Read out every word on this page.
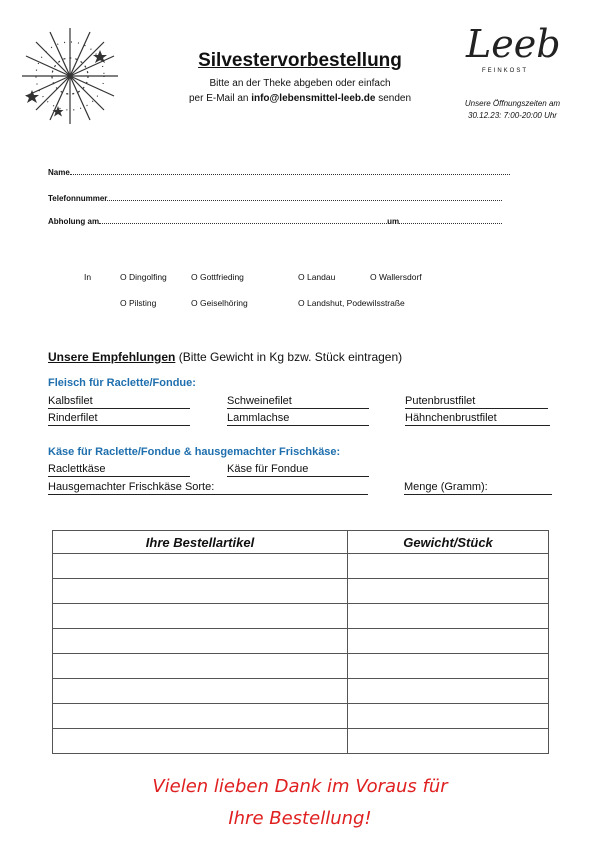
Silvestervorbestellung
Bitte an der Theke abgeben oder einfach
per E-Mail an info@lebensmittel-leeb.de senden
Leeb
FEINKOST
Unsere Öffnungszeiten am
30.12.23: 7:00-20:00 Uhr
Name
Telefonnummer
Abholung am	um
In	O Dingolfing	O Gottfrieding	O Landau	O Wallersdorf
O Pilsting	O Geiselhöring	O Landshut, Podewilsstraße
Unsere Empfehlungen (Bitte Gewicht in Kg bzw. Stück eintragen)
Fleisch für Raclette/Fondue:
Kalbsfilet	Schweinefilet	Putenbrustfilet
Rinderfilet	Lammlachse	Hähnchenbrustfilet
Käse für Raclette/Fondue & hausgemachter Frischkäse:
Raclettkäse	Käse für Fondue
Hausgemachter Frischkäse Sorte:	Menge (Gramm):
Ihre Bestellartikel	Gewicht/Stück

Vielen lieben Dank im Voraus für
Ihre Bestellung!
